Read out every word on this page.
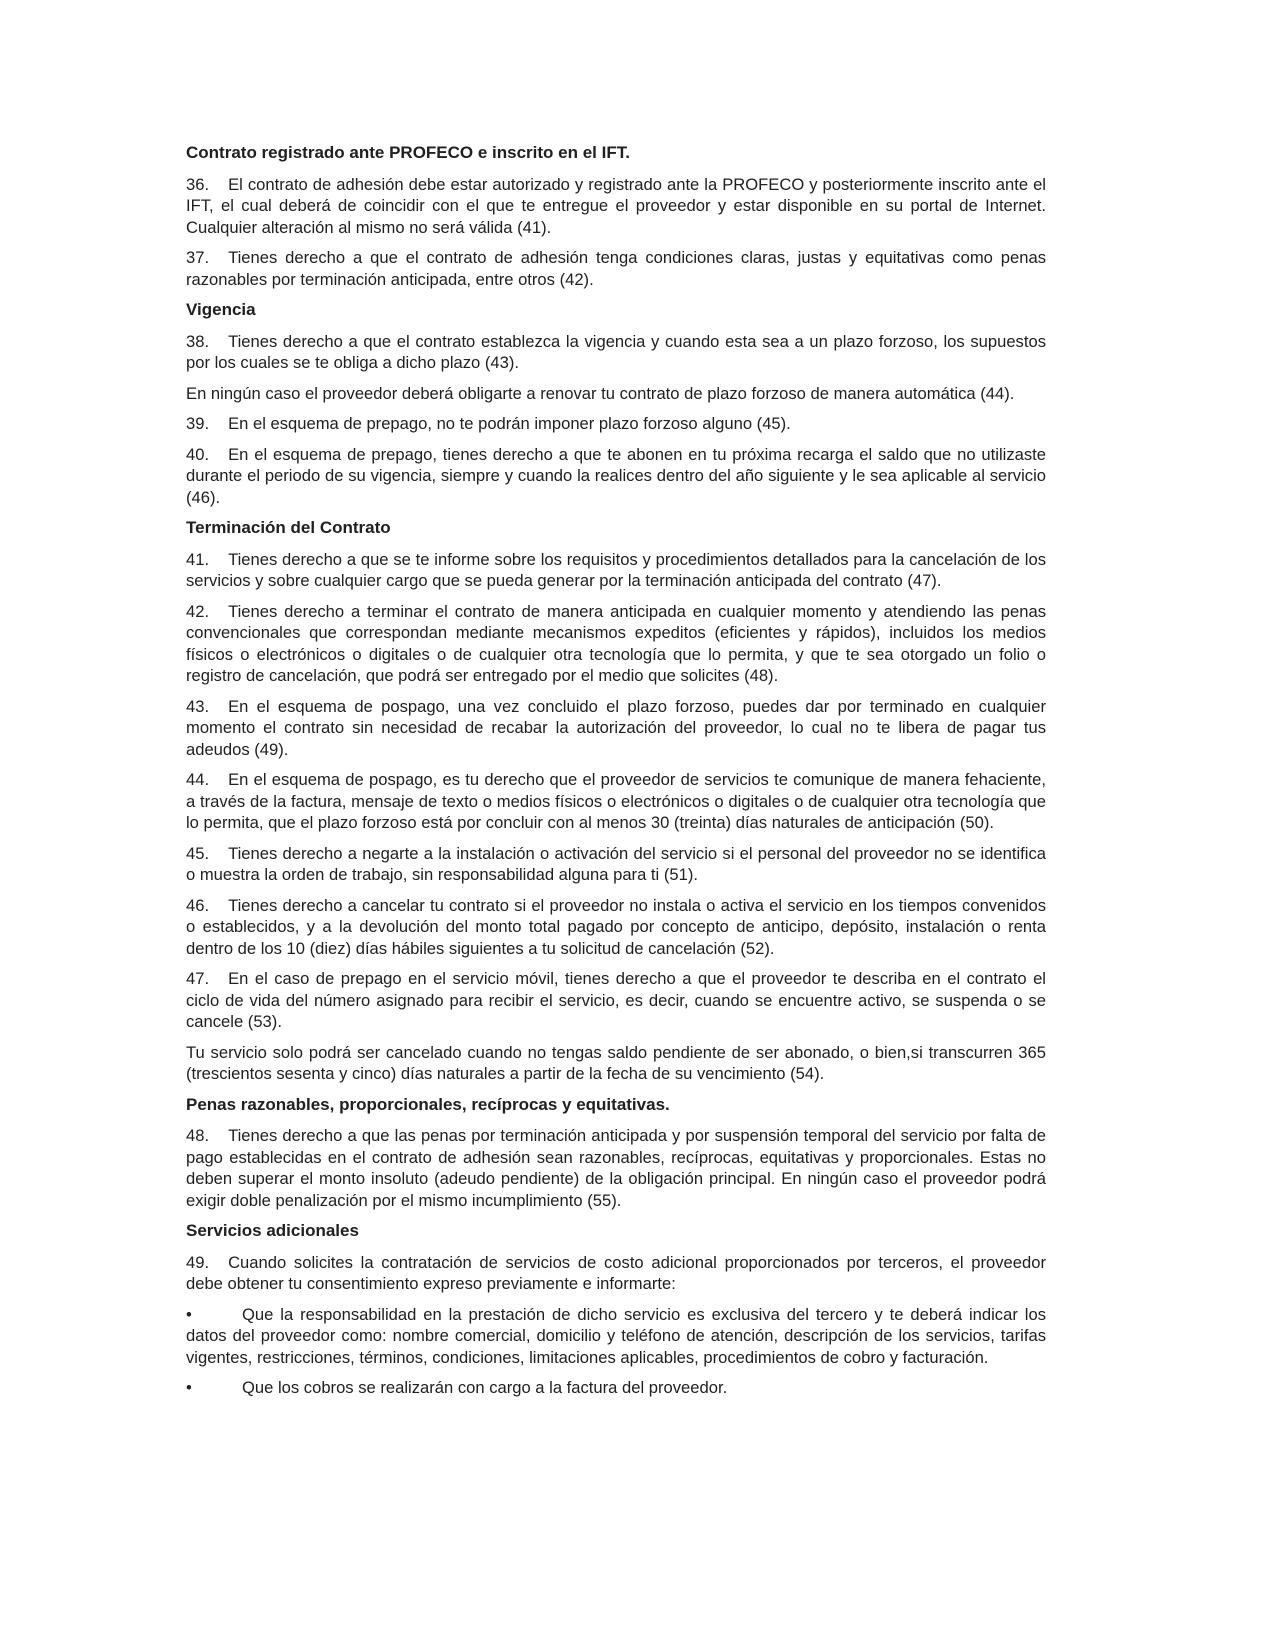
Contrato registrado ante PROFECO e inscrito en el IFT.

36. El contrato de adhesión debe estar autorizado y registrado ante la PROFECO y posteriormente inscrito ante el IFT, el cual deberá de coincidir con el que te entregue el proveedor y estar disponible en su portal de Internet. Cualquier alteración al mismo no será válida (41).

37. Tienes derecho a que el contrato de adhesión tenga condiciones claras, justas y equitativas como penas razonables por terminación anticipada, entre otros (42).

Vigencia

38. Tienes derecho a que el contrato establezca la vigencia y cuando esta sea a un plazo forzoso, los supuestos por los cuales se te obliga a dicho plazo (43).

En ningún caso el proveedor deberá obligarte a renovar tu contrato de plazo forzoso de manera automática (44).

39. En el esquema de prepago, no te podrán imponer plazo forzoso alguno (45).

40. En el esquema de prepago, tienes derecho a que te abonen en tu próxima recarga el saldo que no utilizaste durante el periodo de su vigencia, siempre y cuando la realices dentro del año siguiente y le sea aplicable al servicio (46).

Terminación del Contrato

41. Tienes derecho a que se te informe sobre los requisitos y procedimientos detallados para la cancelación de los servicios y sobre cualquier cargo que se pueda generar por la terminación anticipada del contrato (47).

42. Tienes derecho a terminar el contrato de manera anticipada en cualquier momento y atendiendo las penas convencionales que correspondan mediante mecanismos expeditos (eficientes y rápidos), incluidos los medios físicos o electrónicos o digitales o de cualquier otra tecnología que lo permita, y que te sea otorgado un folio o registro de cancelación, que podrá ser entregado por el medio que solicites (48).

43. En el esquema de pospago, una vez concluido el plazo forzoso, puedes dar por terminado en cualquier momento el contrato sin necesidad de recabar la autorización del proveedor, lo cual no te libera de pagar tus adeudos (49).

44. En el esquema de pospago, es tu derecho que el proveedor de servicios te comunique de manera fehaciente, a través de la factura, mensaje de texto o medios físicos o electrónicos o digitales o de cualquier otra tecnología que lo permita, que el plazo forzoso está por concluir con al menos 30 (treinta) días naturales de anticipación (50).

45. Tienes derecho a negarte a la instalación o activación del servicio si el personal del proveedor no se identifica o muestra la orden de trabajo, sin responsabilidad alguna para ti (51).

46. Tienes derecho a cancelar tu contrato si el proveedor no instala o activa el servicio en los tiempos convenidos o establecidos, y a la devolución del monto total pagado por concepto de anticipo, depósito, instalación o renta dentro de los 10 (diez) días hábiles siguientes a tu solicitud de cancelación (52).

47. En el caso de prepago en el servicio móvil, tienes derecho a que el proveedor te describa en el contrato el ciclo de vida del número asignado para recibir el servicio, es decir, cuando se encuentre activo, se suspenda o se cancele (53).

Tu servicio solo podrá ser cancelado cuando no tengas saldo pendiente de ser abonado, o bien,si transcurren 365 (trescientos sesenta y cinco) días naturales a partir de la fecha de su vencimiento (54).

Penas razonables, proporcionales, recíprocas y equitativas.

48. Tienes derecho a que las penas por terminación anticipada y por suspensión temporal del servicio por falta de pago establecidas en el contrato de adhesión sean razonables, recíprocas, equitativas y proporcionales. Estas no deben superar el monto insoluto (adeudo pendiente) de la obligación principal. En ningún caso el proveedor podrá exigir doble penalización por el mismo incumplimiento (55).

Servicios adicionales

49. Cuando solicites la contratación de servicios de costo adicional proporcionados por terceros, el proveedor debe obtener tu consentimiento expreso previamente e informarte:

•	Que la responsabilidad en la prestación de dicho servicio es exclusiva del tercero y te deberá indicar los datos del proveedor como: nombre comercial, domicilio y teléfono de atención, descripción de los servicios, tarifas vigentes, restricciones, términos, condiciones, limitaciones aplicables, procedimientos de cobro y facturación.

•	Que los cobros se realizarán con cargo a la factura del proveedor.
